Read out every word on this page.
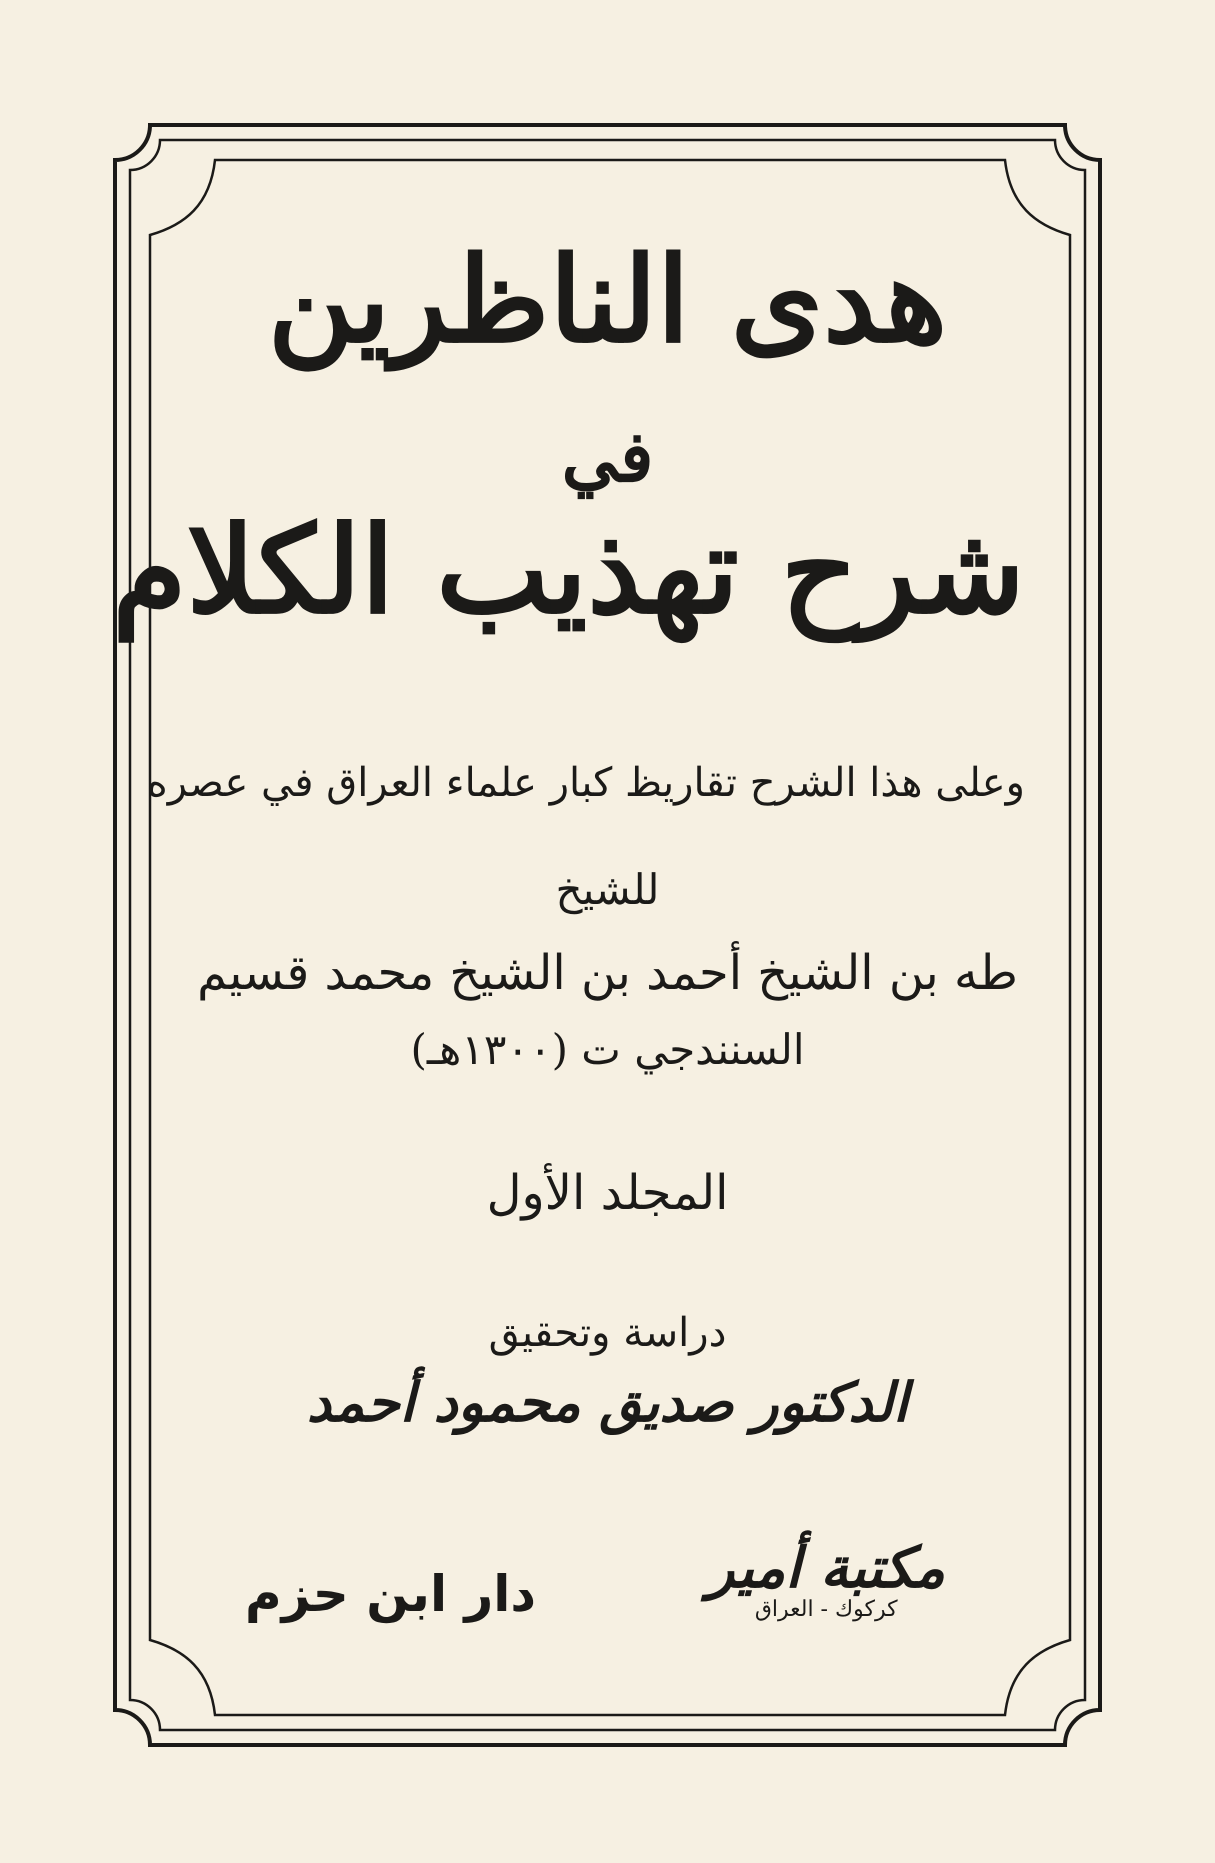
هدى الناظرين
في
شرح تهذيب الكلام
وعلى هذا الشرح تقاريظ كبار علماء العراق في عصره
للشيخ
طه بن الشيخ أحمد بن الشيخ محمد قسيم
السنندجي ت (١٣٠٠هـ)
المجلد الأول
دراسة وتحقيق
الدكتور صديق محمود أحمد
مكتبة أمير
كركوك - العراق
دار ابن حزم
